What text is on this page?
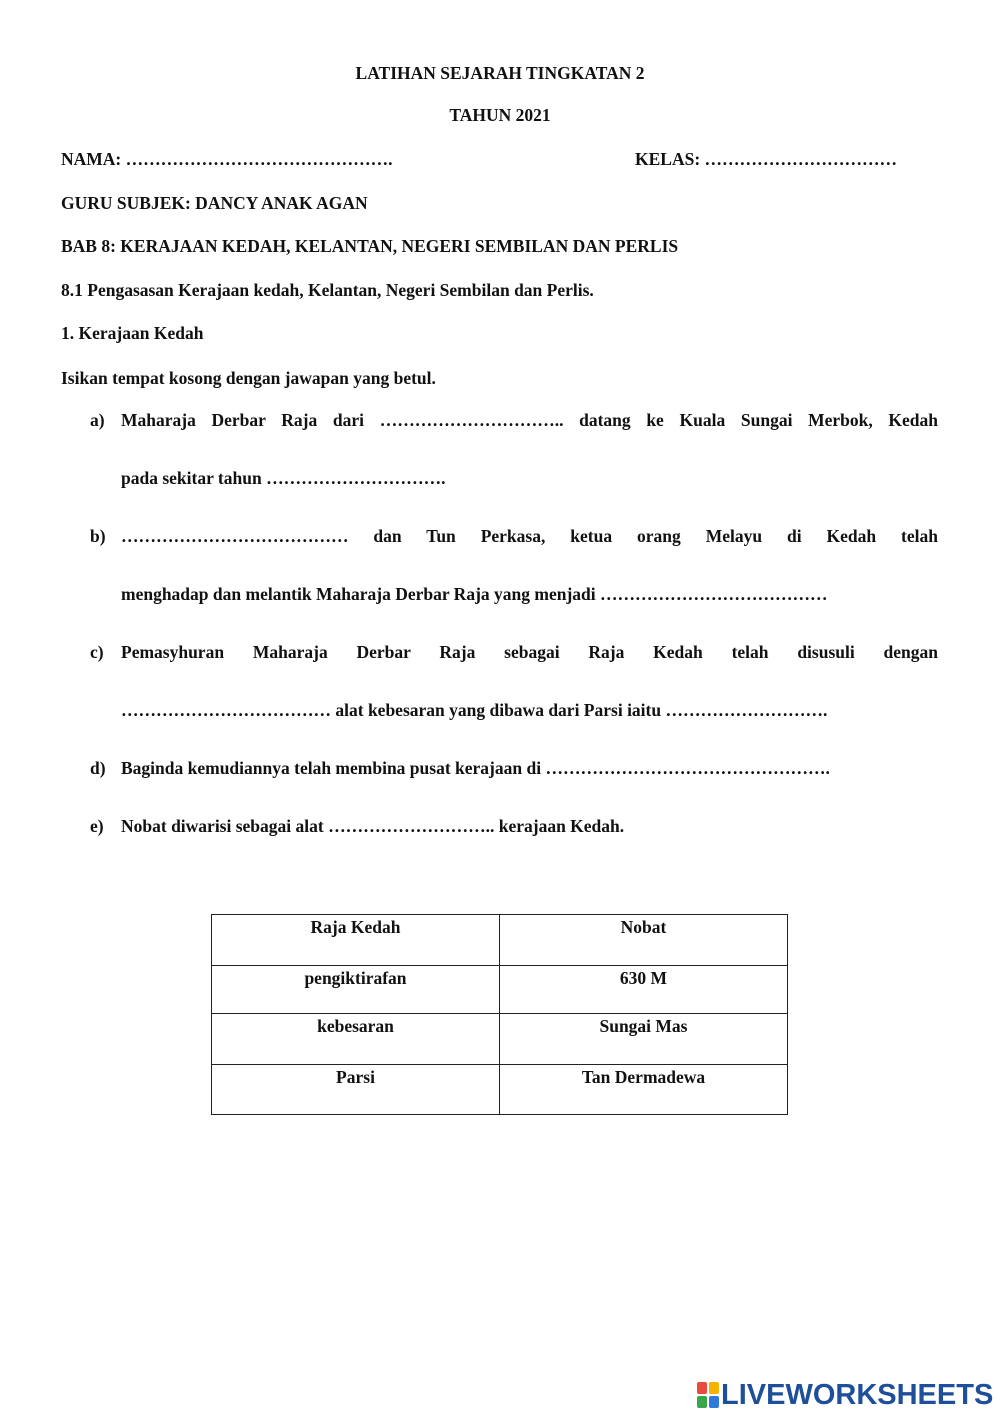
LATIHAN SEJARAH TINGKATAN 2
TAHUN 2021
NAMA: ……………………………………….	KELAS: ……………………………
GURU SUBJEK: DANCY ANAK AGAN
BAB 8: KERAJAAN KEDAH, KELANTAN, NEGERI SEMBILAN DAN PERLIS
8.1 Pengasasan Kerajaan kedah, Kelantan, Negeri Sembilan dan Perlis.
1. Kerajaan Kedah
Isikan tempat kosong dengan jawapan yang betul.
a) Maharaja Derbar Raja dari ………………………….. datang ke Kuala Sungai Merbok, Kedah
pada sekitar tahun ………………………….
b) ………………………………… dan Tun Perkasa, ketua orang Melayu di Kedah telah
menghadap dan melantik Maharaja Derbar Raja yang menjadi …………………………………
c) Pemasyhuran Maharaja Derbar Raja sebagai Raja Kedah telah disusuli dengan
……………………………… alat kebesaran yang dibawa dari Parsi iaitu ……………………….
d) Baginda kemudiannya telah membina pusat kerajaan di ………………………………………….
e) Nobat diwarisi sebagai alat ……………………….. kerajaan Kedah.
Raja Kedah	Nobat
pengiktirafan	630 M
kebesaran	Sungai Mas
Parsi	Tan Dermadewa
LIVEWORKSHEETS
